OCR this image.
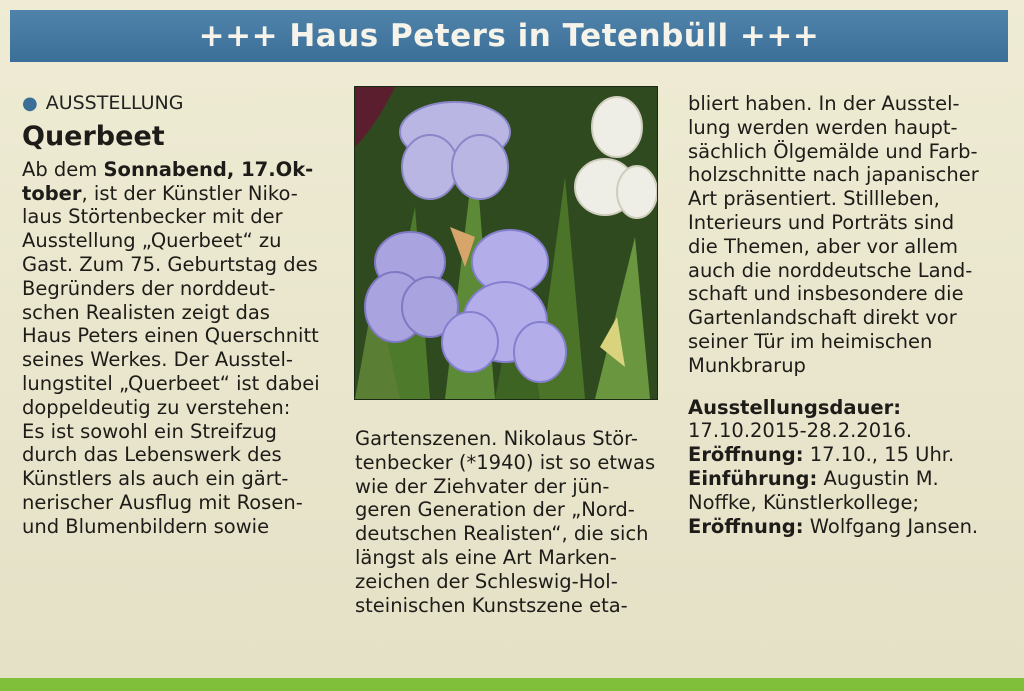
+++ Haus Peters in Tetenbüll +++
● AUSSTELLUNG
Querbeet

Ab dem Sonnabend, 17.Ok-

tober, ist der Künstler Niko-

laus Störtenbecker mit der

Ausstellung „Querbeet“ zu

Gast. Zum 75. Geburtstag des

Begründers der norddeut-

schen Realisten zeigt das

Haus Peters einen Querschnitt

seines Werkes. Der Ausstel-

lungstitel „Querbeet“ ist dabei

doppeldeutig zu verstehen:

Es ist sowohl ein Streifzug

durch das Lebenswerk des

Künstlers als auch ein gärt-

nerischer Ausflug mit Rosen-

und Blumenbildern sowie

Gartenszenen. Nikolaus Stör-

tenbecker (*1940) ist so etwas

wie der Ziehvater der jün-

geren Generation der „Nord-

deutschen Realisten“, die sich

längst als eine Art Marken-

zeichen der Schleswig-Hol-

steinischen Kunstszene eta-

bliert haben. In der Ausstel-

lung werden werden haupt-

sächlich Ölgemälde und Farb-

holzschnitte nach japanischer

Art präsentiert. Stillleben,

Interieurs und Porträts sind

die Themen, aber vor allem

auch die norddeutsche Land-

schaft und insbesondere die

Gartenlandschaft direkt vor

seiner Tür im heimischen

Munkbrarup

Ausstellungsdauer:

17.10.2015-28.2.2016.

Eröffnung: 17.10., 15 Uhr.

Einführung: Augustin M.

Noffke, Künstlerkollege;

Eröffnung: Wolfgang Jansen.
